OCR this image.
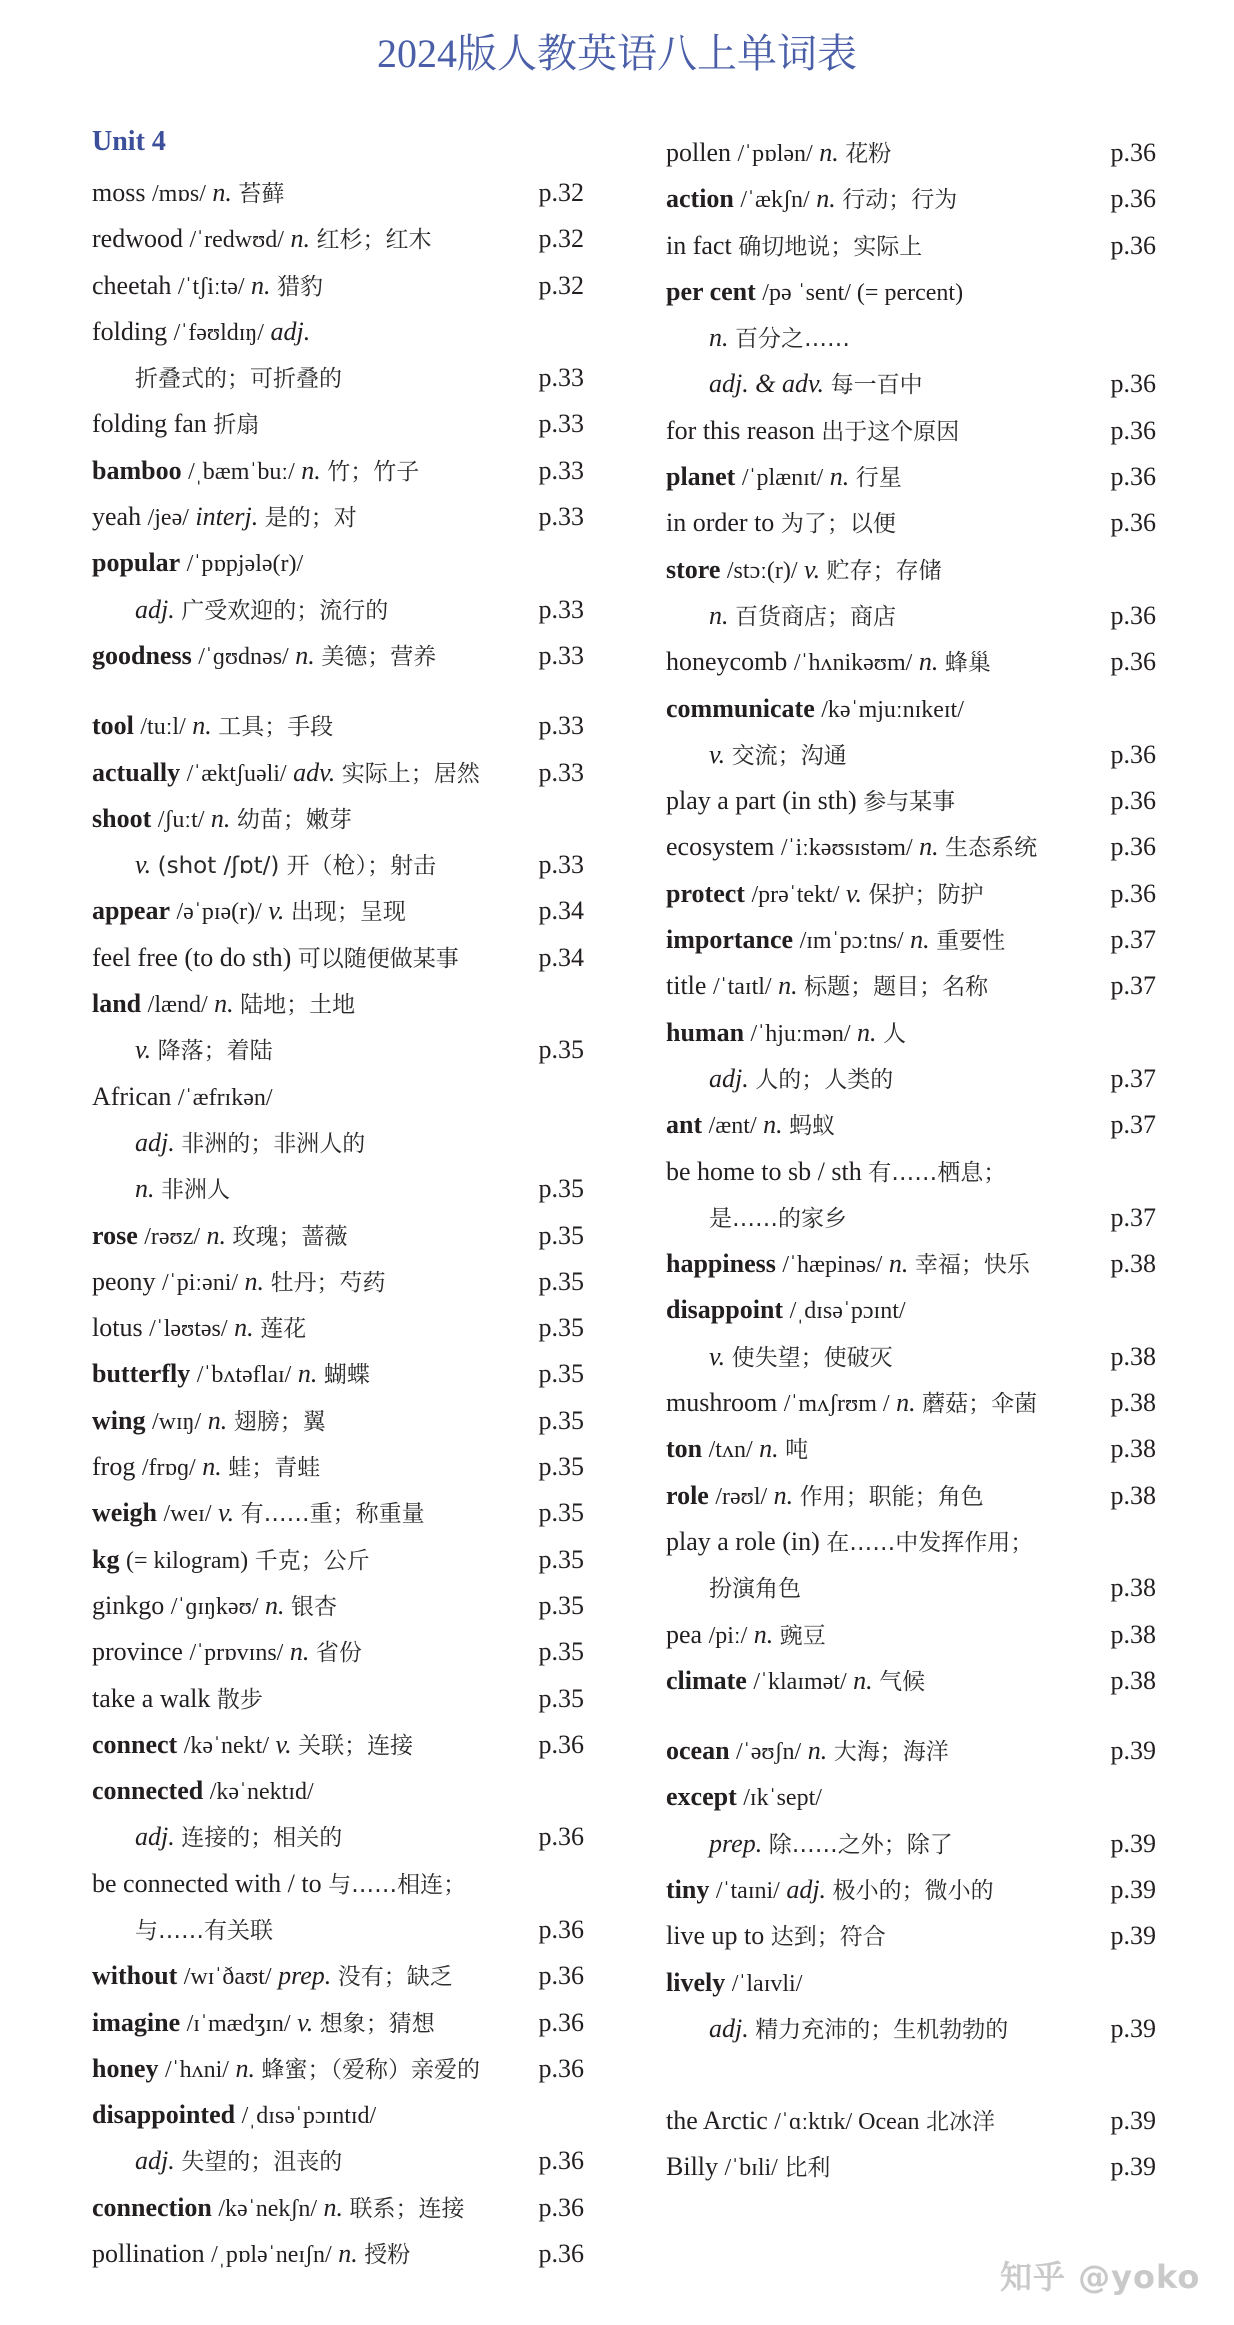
2024版人教英语八上单词表
Unit 4
moss /mɒs/ n. 苔藓	p.32
redwood /ˈredwʊd/ n. 红杉；红木	p.32
cheetah /ˈtʃiːtə/ n. 猎豹	p.32
folding /ˈfəʊldɪŋ/ adj.
折叠式的；可折叠的	p.33
folding fan 折扇	p.33
bamboo /ˌbæmˈbuː/ n. 竹；竹子	p.33
yeah /jeə/ interj. 是的；对	p.33
popular /ˈpɒpjələ(r)/
adj. 广受欢迎的；流行的	p.33
goodness /ˈɡʊdnəs/ n. 美德；营养	p.33
tool /tuːl/ n. 工具；手段	p.33
actually /ˈæktʃuəli/ adv. 实际上；居然 p.33
shoot /ʃuːt/ n. 幼苗；嫩芽
v. (shot /ʃɒt/) 开（枪）；射击	p.33
appear /əˈpɪə(r)/ v. 出现；呈现	p.34
feel free (to do sth) 可以随便做某事	p.34
land /lænd/ n. 陆地；土地
v. 降落；着陆	p.35
African /ˈæfrɪkən/
adj. 非洲的；非洲人的
n. 非洲人	p.35
rose /rəʊz/ n. 玫瑰；蔷薇	p.35
peony /ˈpiːəni/ n. 牡丹；芍药	p.35
lotus /ˈləʊtəs/ n. 莲花	p.35
butterfly /ˈbʌtəflaɪ/ n. 蝴蝶	p.35
wing /wɪŋ/ n. 翅膀；翼	p.35
frog /frɒɡ/ n. 蛙；青蛙	p.35
weigh /weɪ/ v. 有……重；称重量	p.35
kg (= kilogram) 千克；公斤	p.35
ginkgo /ˈɡɪŋkəʊ/ n. 银杏	p.35
province /ˈprɒvɪns/ n. 省份	p.35
take a walk 散步	p.35
connect /kəˈnekt/ v. 关联；连接	p.36
connected /kəˈnektɪd/
adj. 连接的；相关的	p.36
be connected with / to 与……相连；
与……有关联	p.36
without /wɪˈðaʊt/ prep. 没有；缺乏	p.36
imagine /ɪˈmædʒɪn/ v. 想象；猜想	p.36
honey /ˈhʌni/ n. 蜂蜜；（爱称）亲爱的 p.36
disappointed /ˌdɪsəˈpɔɪntɪd/
adj. 失望的；沮丧的	p.36
connection /kəˈnekʃn/ n. 联系；连接	p.36
pollination /ˌpɒləˈneɪʃn/ n. 授粉	p.36
pollen /ˈpɒlən/ n. 花粉	p.36
action /ˈækʃn/ n. 行动；行为	p.36
in fact 确切地说；实际上	p.36
per cent /pə ˈsent/ (= percent)
n. 百分之……
adj. & adv. 每一百中	p.36
for this reason 出于这个原因	p.36
planet /ˈplænɪt/ n. 行星	p.36
in order to 为了；以便	p.36
store /stɔː(r)/ v. 贮存；存储
n. 百货商店；商店	p.36
honeycomb /ˈhʌnikəʊm/ n. 蜂巢	p.36
communicate /kəˈmjuːnɪkeɪt/
v. 交流；沟通	p.36
play a part (in sth) 参与某事	p.36
ecosystem /ˈiːkəʊsɪstəm/ n. 生态系统	p.36
protect /prəˈtekt/ v. 保护；防护	p.36
importance /ɪmˈpɔːtns/ n. 重要性	p.37
title /ˈtaɪtl/ n. 标题；题目；名称	p.37
human /ˈhjuːmən/ n. 人
adj. 人的；人类的	p.37
ant /ænt/ n. 蚂蚁	p.37
be home to sb / sth 有……栖息；
是……的家乡	p.37
happiness /ˈhæpinəs/ n. 幸福；快乐	p.38
disappoint /ˌdɪsəˈpɔɪnt/
v. 使失望；使破灭	p.38
mushroom /ˈmʌʃrʊm / n. 蘑菇；伞菌	p.38
ton /tʌn/ n. 吨	p.38
role /rəʊl/ n. 作用；职能；角色	p.38
play a role (in) 在……中发挥作用；
扮演角色	p.38
pea /piː/ n. 豌豆	p.38
climate /ˈklaɪmət/ n. 气候	p.38
ocean /ˈəʊʃn/ n. 大海；海洋	p.39
except /ɪkˈsept/
prep. 除……之外；除了	p.39
tiny /ˈtaɪni/ adj. 极小的；微小的	p.39
live up to 达到；符合	p.39
lively /ˈlaɪvli/
adj. 精力充沛的；生机勃勃的	p.39
the Arctic /ˈɑːktɪk/ Ocean 北冰洋	p.39
Billy /ˈbɪli/ 比利	p.39
知乎 @yoko
